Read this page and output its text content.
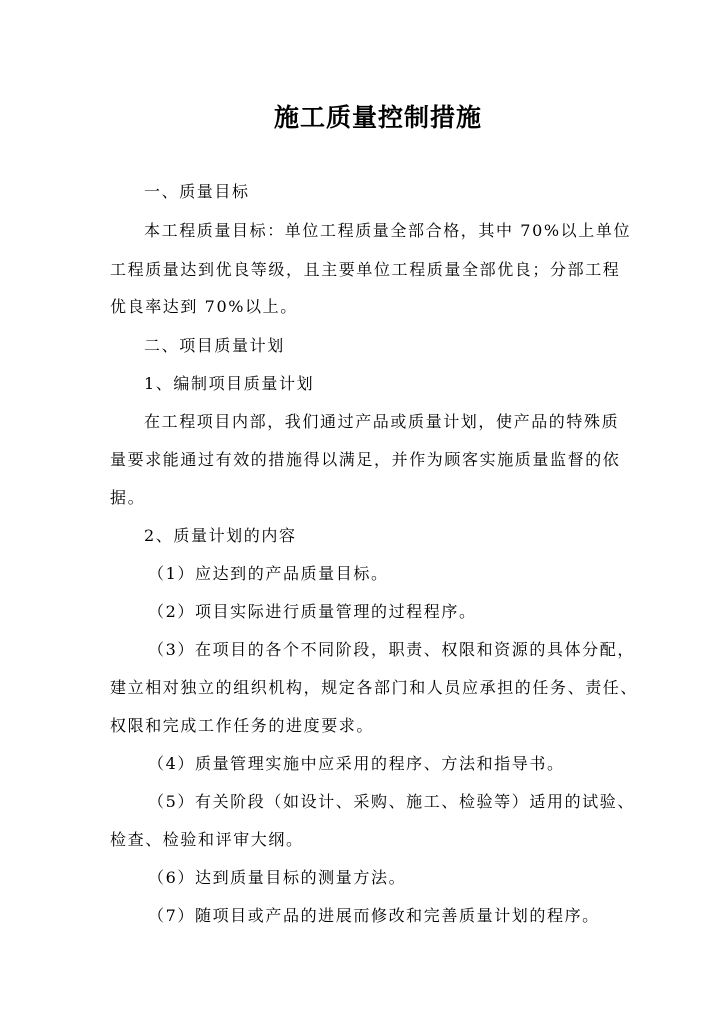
施工质量控制措施
一、质量目标
本工程质量目标：单位工程质量全部合格，其中 70%以上单位
工程质量达到优良等级，且主要单位工程质量全部优良；分部工程
优良率达到 70%以上。
二、项目质量计划
1、编制项目质量计划
在工程项目内部，我们通过产品或质量计划，使产品的特殊质
量要求能通过有效的措施得以满足，并作为顾客实施质量监督的依
据。
2、质量计划的内容
（1）应达到的产品质量目标。
（2）项目实际进行质量管理的过程程序。
（3）在项目的各个不同阶段，职责、权限和资源的具体分配，
建立相对独立的组织机构，规定各部门和人员应承担的任务、责任、
权限和完成工作任务的进度要求。
（4）质量管理实施中应采用的程序、方法和指导书。
（5）有关阶段（如设计、采购、施工、检验等）适用的试验、
检查、检验和评审大纲。
（6）达到质量目标的测量方法。
（7）随项目或产品的进展而修改和完善质量计划的程序。
